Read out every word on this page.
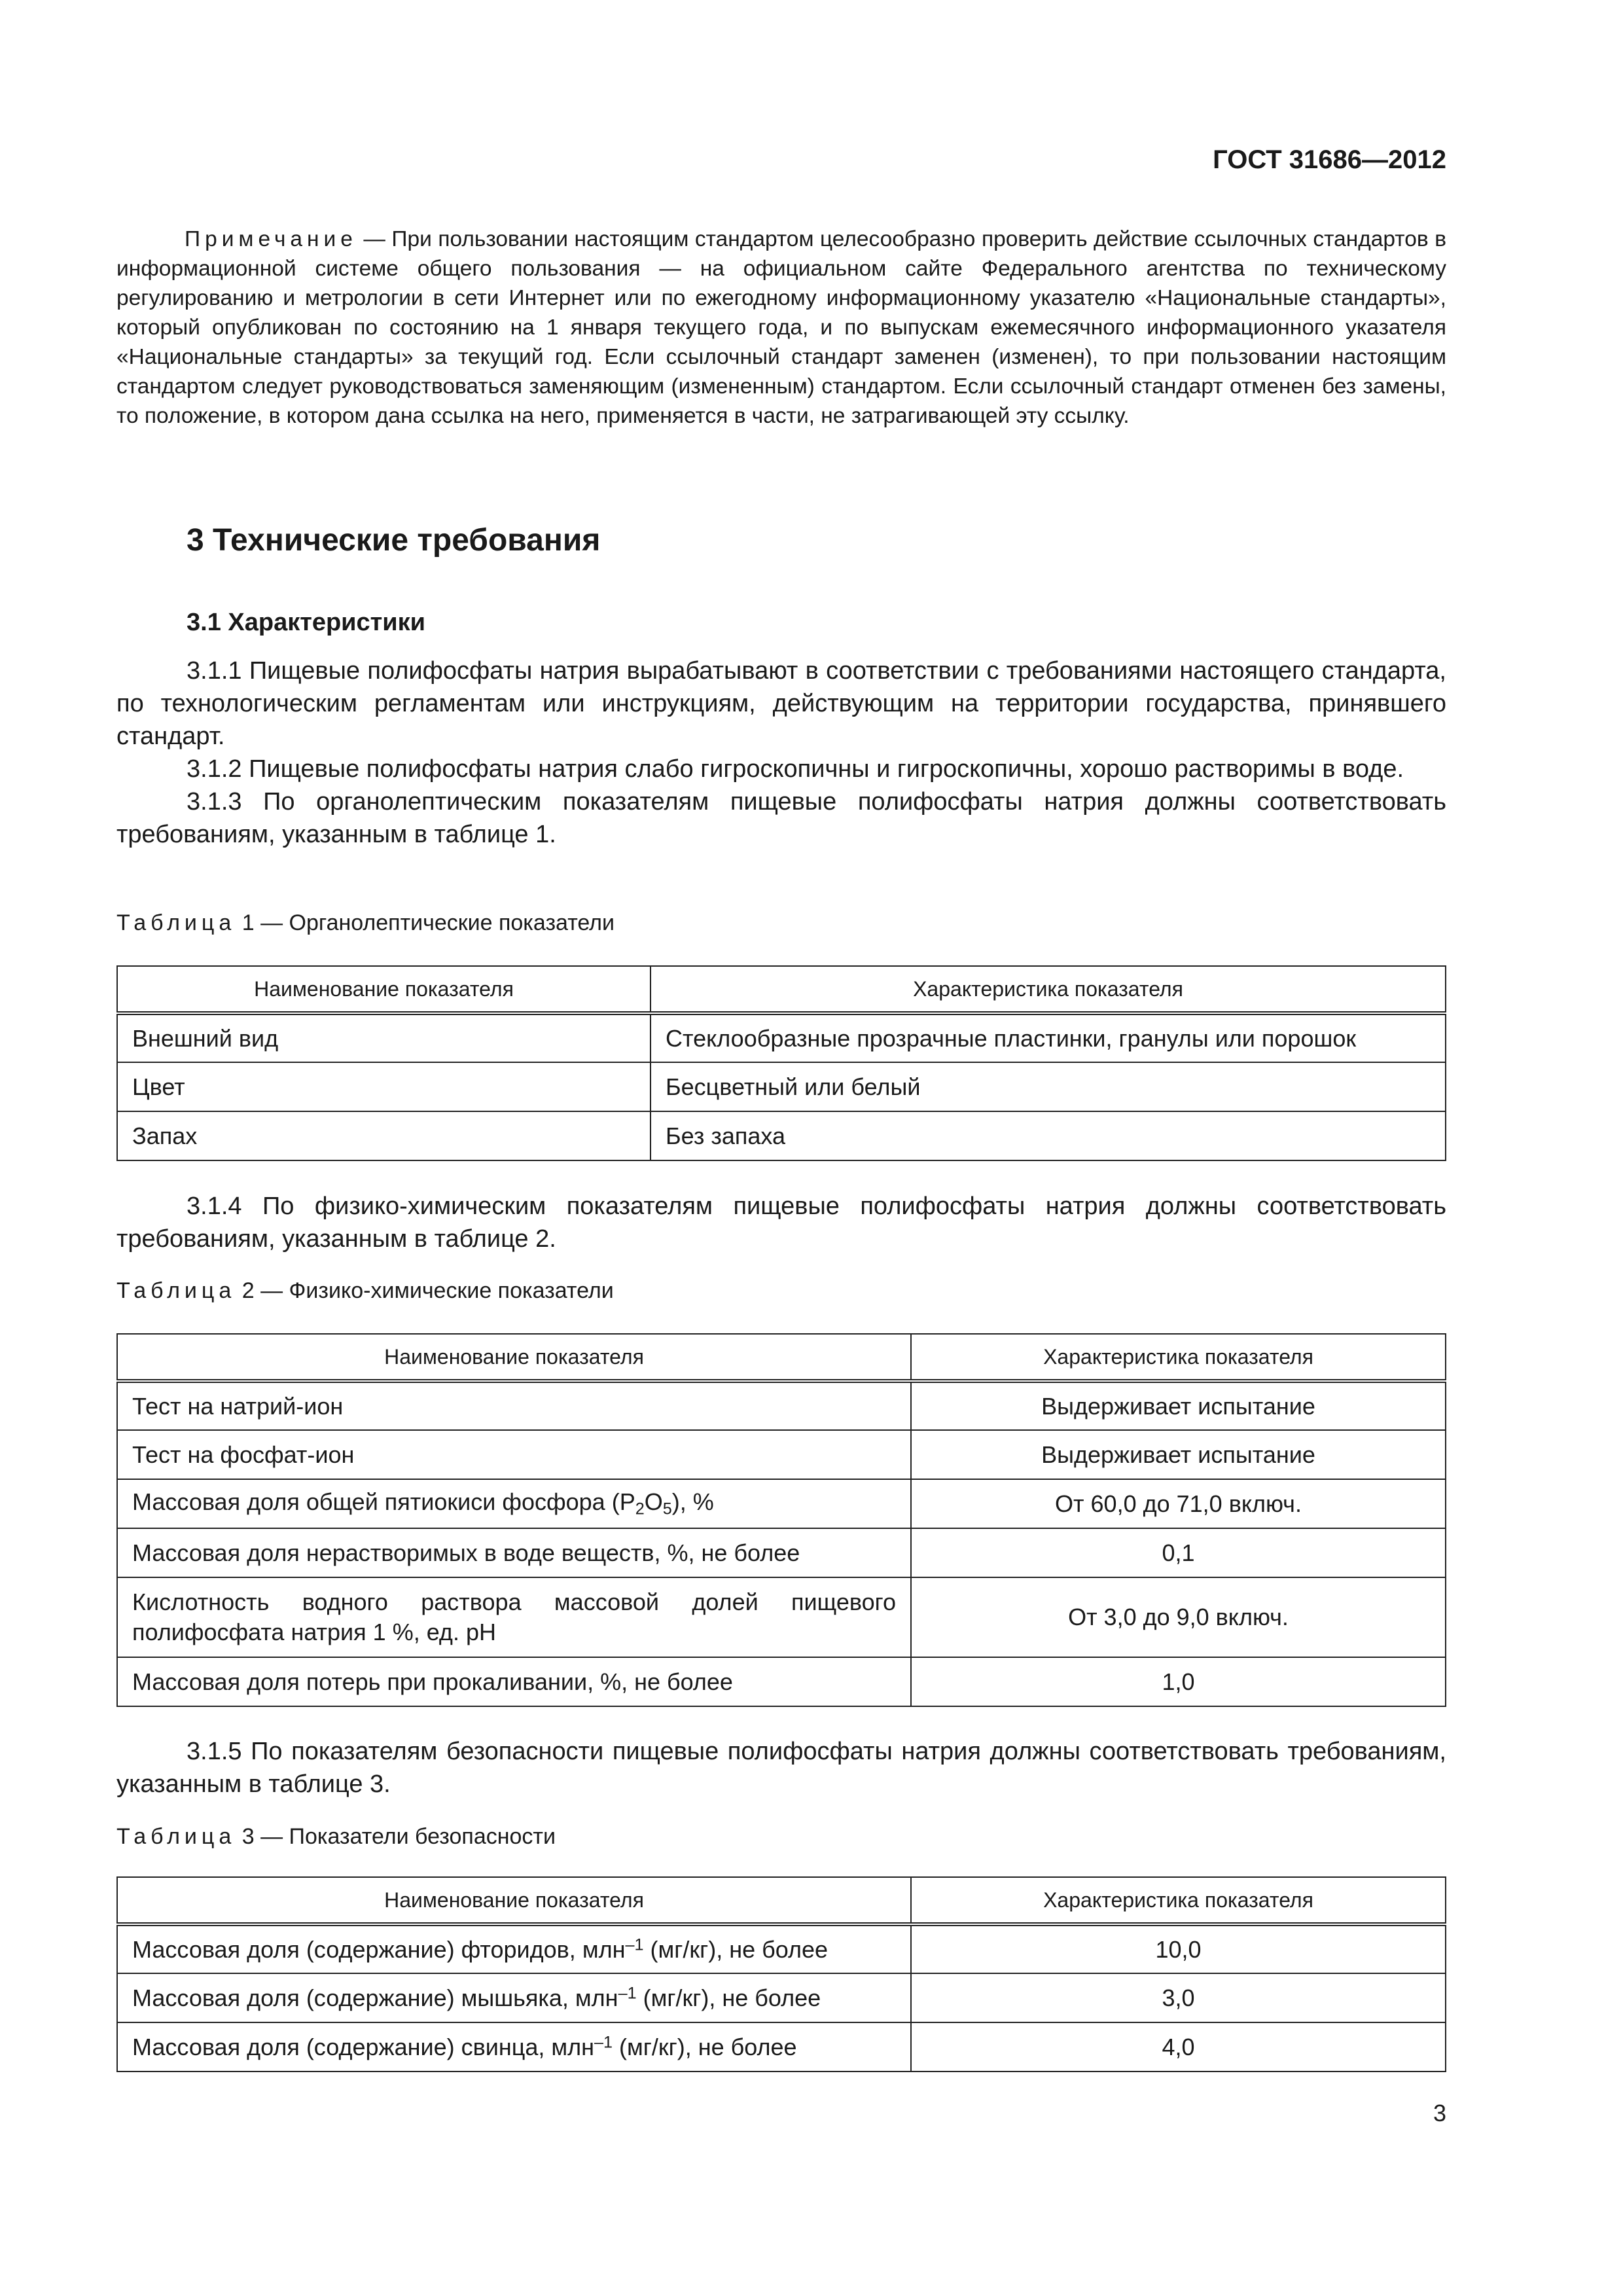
ГОСТ 31686—2012
Примечание — При пользовании настоящим стандартом целесообразно проверить действие ссылочных стандартов в информационной системе общего пользования — на официальном сайте Федерального агентства по техническому регулированию и метрологии в сети Интернет или по ежегодному информационному указателю «Национальные стандарты», который опубликован по состоянию на 1 января текущего года, и по выпускам ежемесячного информационного указателя «Национальные стандарты» за текущий год. Если ссылочный стандарт заменен (изменен), то при пользовании настоящим стандартом следует руководствоваться заменяющим (измененным) стандартом. Если ссылочный стандарт отменен без замены, то положение, в котором дана ссылка на него, применяется в части, не затрагивающей эту ссылку.
3 Технические требования
3.1 Характеристики

3.1.1 Пищевые полифосфаты натрия вырабатывают в соответствии с требованиями настоящего стандарта, по технологическим регламентам или инструкциям, действующим на территории государства, принявшего стандарт.

3.1.2 Пищевые полифосфаты натрия слабо гигроскопичны и гигроскопичны, хорошо растворимы в воде.

3.1.3 По органолептическим показателям пищевые полифосфаты натрия должны соответствовать требованиям, указанным в таблице 1.

Таблица 1 — Органолептические показатели
Наименование показателя	Характеристика показателя
Внешний вид	Стеклообразные прозрачные пластинки, гранулы или порошок
Цвет	Бесцветный или белый
Запах	Без запаха

3.1.4 По физико-химическим показателям пищевые полифосфаты натрия должны соответствовать требованиям, указанным в таблице 2.

Таблица 2 — Физико-химические показатели
Наименование показателя	Характеристика показателя
Тест на натрий-ион	Выдерживает испытание
Тест на фосфат-ион	Выдерживает испытание
Массовая доля общей пятиокиси фосфора $(P_2O_5)$, %	От 60,0 до 71,0 включ.
Массовая доля нерастворимых в воде веществ, %, не более	0,1
Кислотность водного раствора массовой долей пищевого полифосфата натрия 1 %, ед. pH	От 3,0 до 9,0 включ.
Массовая доля потерь при прокаливании, %, не более	1,0

3.1.5 По показателям безопасности пищевые полифосфаты натрия должны соответствовать требованиям, указанным в таблице 3.

Таблица 3 — Показатели безопасности
Наименование показателя	Характеристика показателя
Массовая доля (содержание) фторидов, млн$^{-1}$ (мг/кг), не более	10,0
Массовая доля (содержание) мышьяка, млн$^{-1}$ (мг/кг), не более	3,0
Массовая доля (содержание) свинца, млн$^{-1}$ (мг/кг), не более	4,0
3
